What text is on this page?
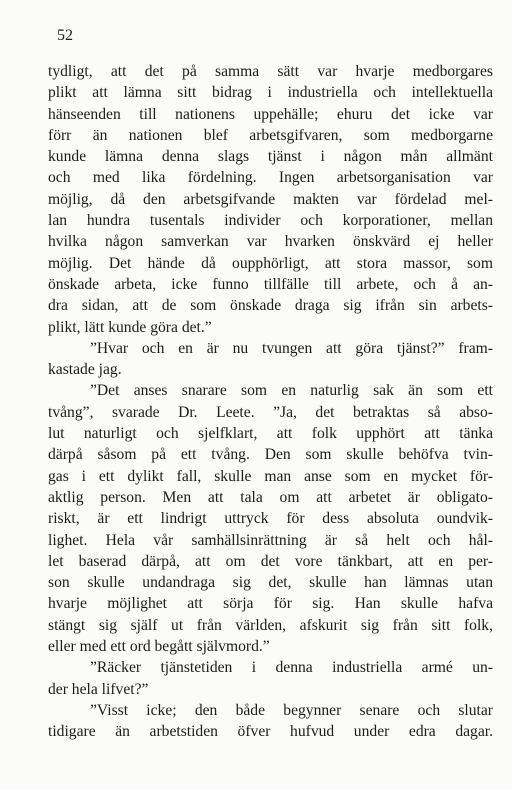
52
tydligt, att det på samma sätt var hvarje medborgares
plikt att lämna sitt bidrag i industriella och intellektuella
hänseenden till nationens uppehälle; ehuru det icke var
förr än nationen blef arbetsgifvaren, som medborgarne
kunde lämna denna slags tjänst i någon mån allmänt
och med lika fördelning. Ingen arbetsorganisation var
möjlig, då den arbetsgifvande makten var fördelad mel-
lan hundra tusentals individer och korporationer, mellan
hvilka någon samverkan var hvarken önskvärd ej heller
möjlig. Det hände då oupphörligt, att stora massor, som
önskade arbeta, icke funno tillfälle till arbete, och å an-
dra sidan, att de som önskade draga sig ifrån sin arbets-
plikt, lätt kunde göra det.”
”Hvar och en är nu tvungen att göra tjänst?” fram-
kastade jag.
”Det anses snarare som en naturlig sak än som ett
tvång”, svarade Dr. Leete. ”Ja, det betraktas så abso-
lut naturligt och sjelfklart, att folk upphört att tänka
därpå såsom på ett tvång. Den som skulle behöfva tvin-
gas i ett dylikt fall, skulle man anse som en mycket för-
aktlig person. Men att tala om att arbetet är obligato-
riskt, är ett lindrigt uttryck för dess absoluta oundvik-
lighet. Hela vår samhällsinrättning är så helt och hål-
let baserad därpå, att om det vore tänkbart, att en per-
son skulle undandraga sig det, skulle han lämnas utan
hvarje möjlighet att sörja för sig. Han skulle hafva
stängt sig själf ut från världen, afskurit sig från sitt folk,
eller med ett ord begått självmord.”
”Räcker tjänstetiden i denna industriella armé un-
der hela lifvet?”
”Visst icke; den både begynner senare och slutar
tidigare än arbetstiden öfver hufvud under edra dagar.
